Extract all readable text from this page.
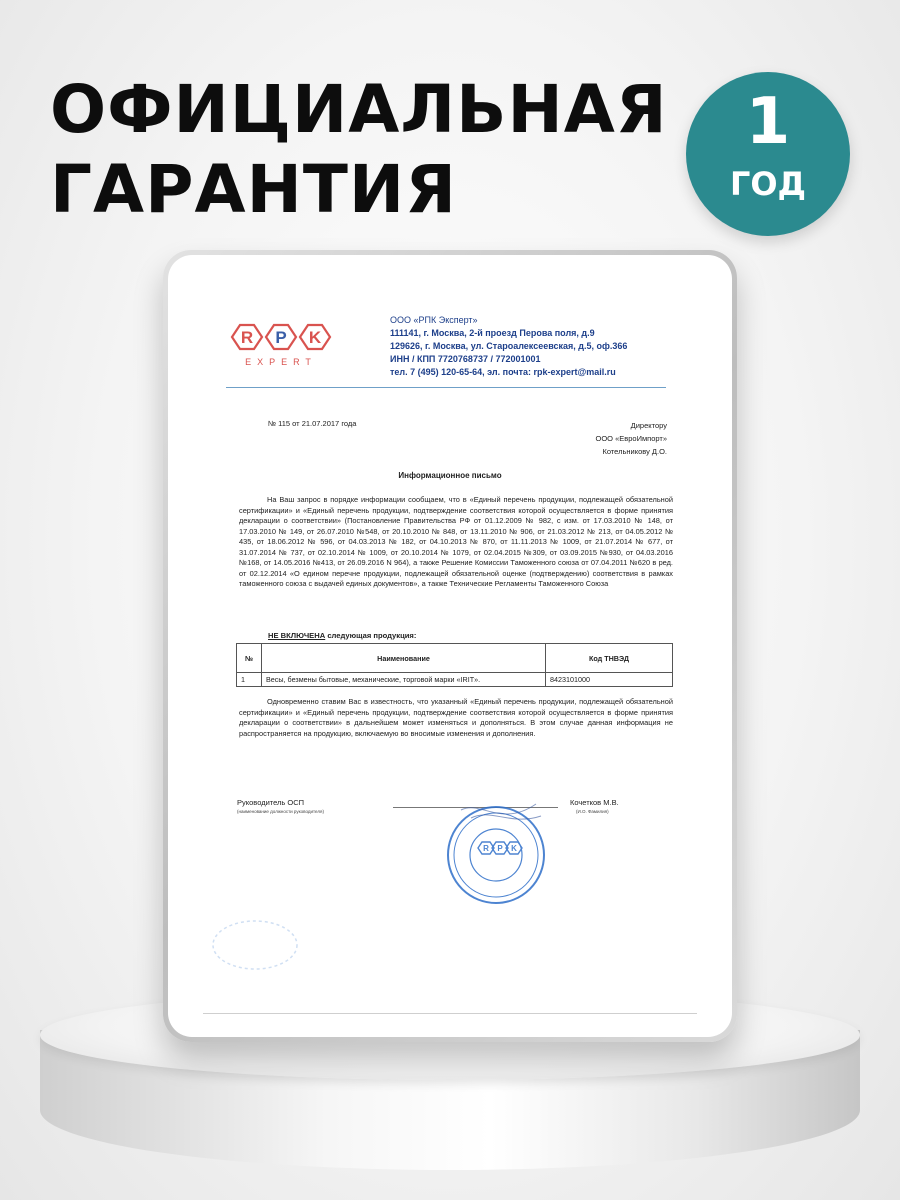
ОФИЦИАЛЬНАЯ
ГАРАНТИЯ
1
ГОД
R P K
EXPERT
ООО «РПК Эксперт»
111141, г. Москва, 2-й проезд Перова поля, д.9
129626, г. Москва, ул. Староалексеевская, д.5, оф.366
ИНН / КПП 7720768737 / 772001001
тел. 7 (495) 120-65-64, эл. почта: rpk-expert@mail.ru
№ 115 от 21.07.2017 года	Директору
ООО «ЕвроИмпорт»
Котельникову Д.О.
Информационное письмо

На Ваш запрос в порядке информации сообщаем, что в «Единый перечень продукции, подлежащей обязательной сертификации» и «Единый перечень продукции, подтверждение соответствия которой осуществляется в форме принятия декларации о соответствии» (Постановление Правительства РФ от 01.12.2009 № 982, с изм. от 17.03.2010 № 148, от 17.03.2010 № 149, от 26.07.2010 №548, от 20.10.2010 № 848, от 13.11.2010 № 906, от 21.03.2012 № 213, от 04.05.2012 № 435, от 18.06.2012 № 596, от 04.03.2013 № 182, от 04.10.2013 № 870, от 11.11.2013 № 1009, от 21.07.2014 № 677, от 31.07.2014 № 737, от 02.10.2014 № 1009, от 20.10.2014 № 1079, от 02.04.2015 №309, от 03.09.2015 №930, от 04.03.2016 №168, от 14.05.2016 №413, от 26.09.2016 N 964), а также Решение Комиссии Таможенного союза от 07.04.2011 №620 в ред. от 02.12.2014 «О едином перечне продукции, подлежащей обязательной оценке (подтверждению) соответствия в рамках таможенного союза с выдачей единых документов», а также Технические Регламенты Таможенного Союза

НЕ ВКЛЮЧЕНА следующая продукция:
№	Наименование	Код ТНВЭД
1	Весы, безмены бытовые, механические, торговой марки «IRIT».	8423101000

Одновременно ставим Вас в известность, что указанный «Единый перечень продукции, подлежащей обязательной сертификации» и «Единый перечень продукции, подтверждение соответствия которой осуществляется в форме принятия декларации о соответствии» в дальнейшем может изменяться и дополняться. В этом случае данная информация не распространяется на продукцию, включаемую во вносимые изменения и дополнения.

Руководитель ОСП
(наименование должности руководителя)
Кочетков М.В.
(И.О. Фамилия)
R P K
